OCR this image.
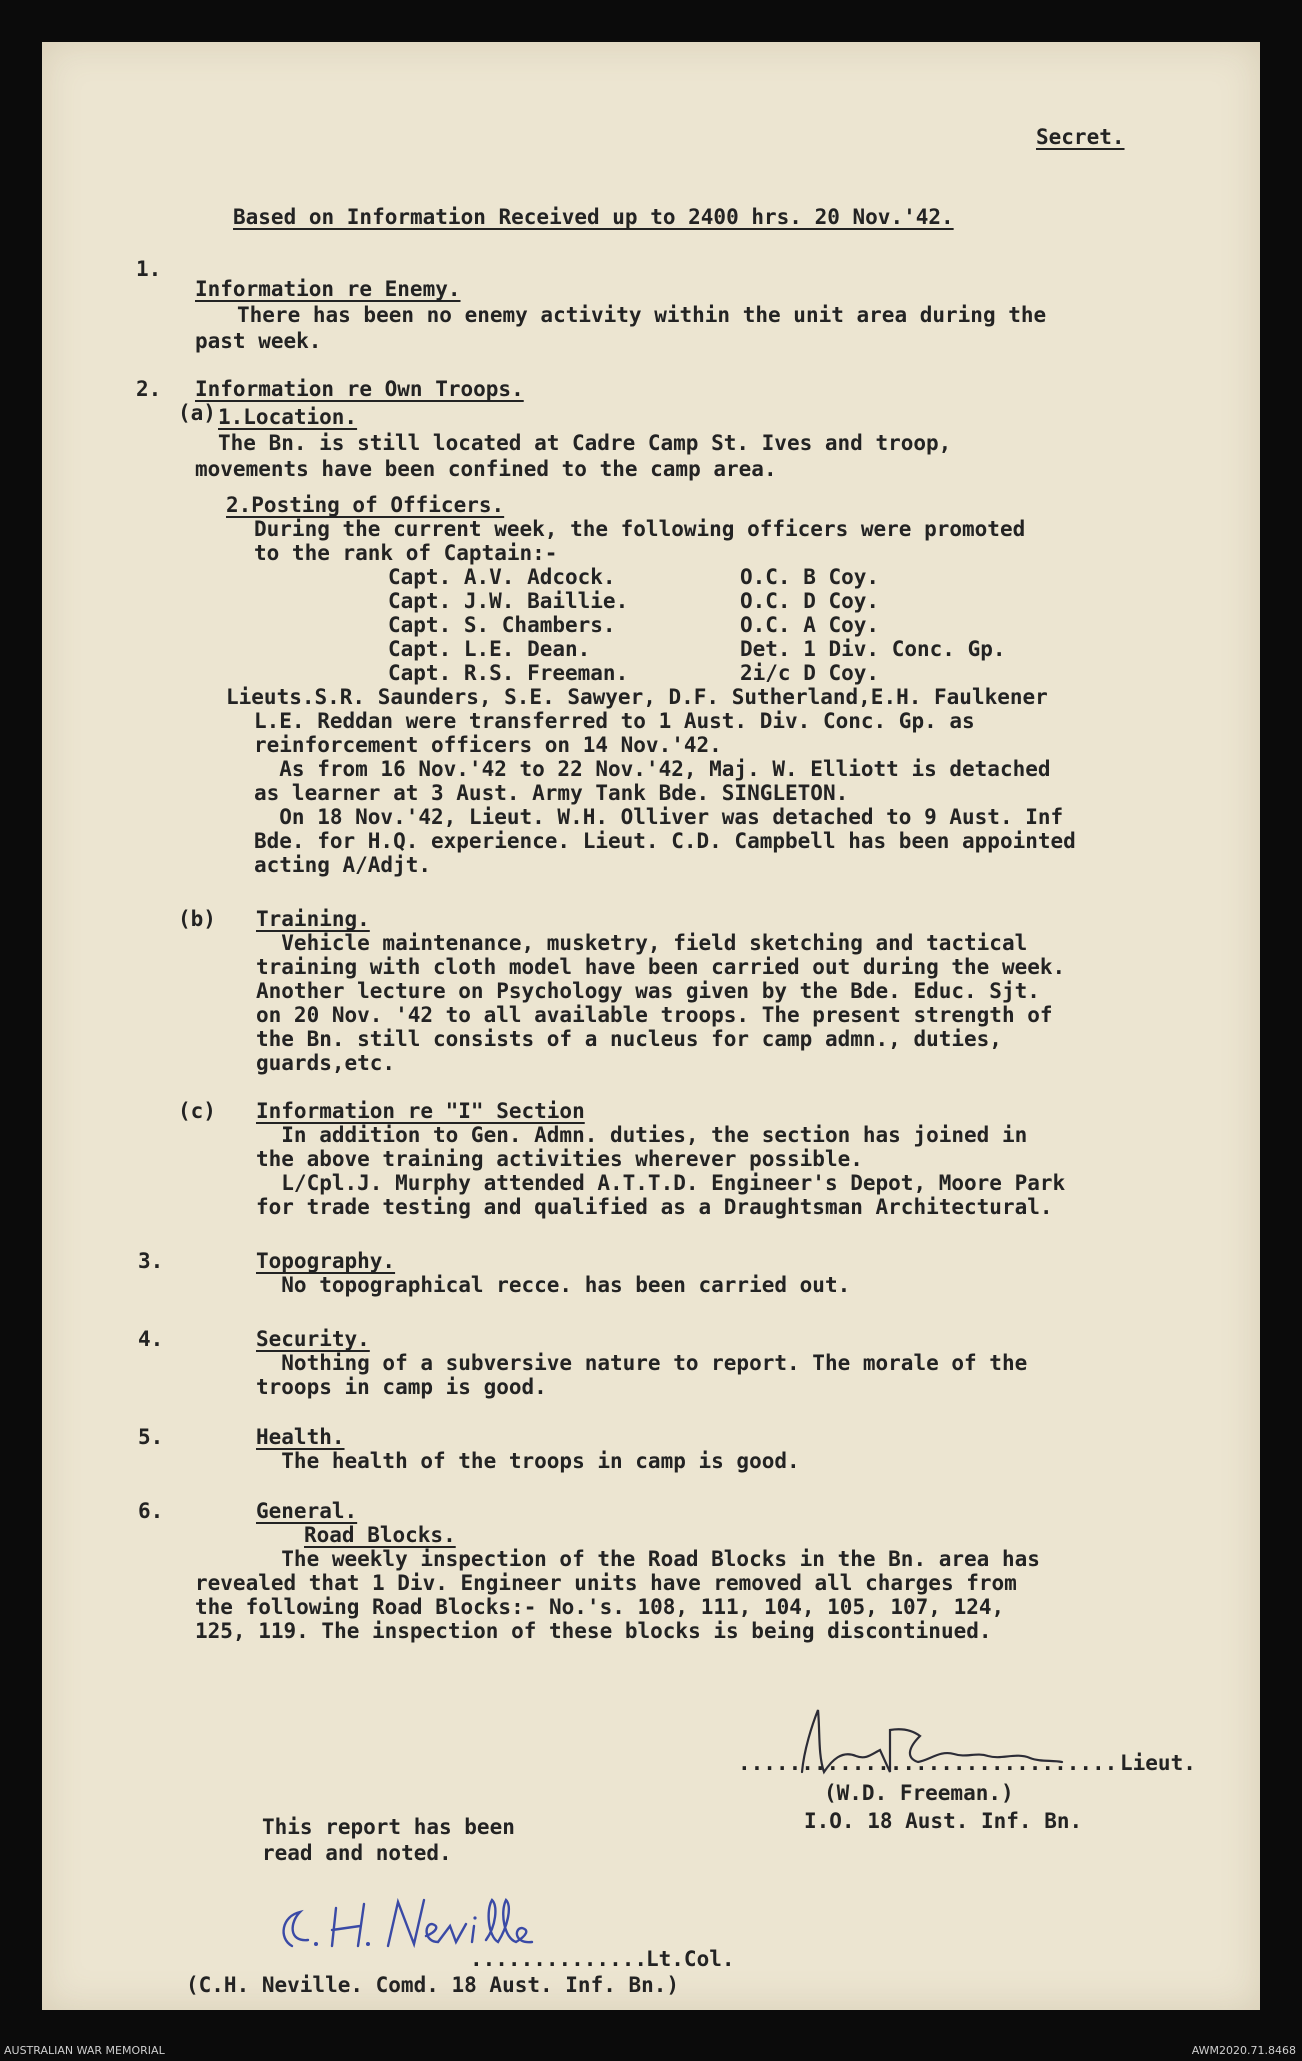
Secret.
Based on Information Received up to 2400 hrs. 20 Nov.'42.
1.
Information re Enemy.
There has been no enemy activity within the unit area during the
past week.
2. Information re Own Troops.
(a) 1.Location.
The Bn. is still located at Cadre Camp St. Ives and troop,
movements have been confined to the camp area.
2.Posting of Officers.
During the current week, the following officers were promoted
to the rank of Captain:-
Capt. A.V. Adcock.	O.C. B Coy.
Capt. J.W. Baillie.	O.C. D Coy.
Capt. S. Chambers.	O.C. A Coy.
Capt. L.E. Dean.	Det. 1 Div. Conc. Gp.
Capt. R.S. Freeman.	2i/c D Coy.
Lieuts.S.R. Saunders, S.E. Sawyer, D.F. Sutherland,E.H. Faulkener
L.E. Reddan were transferred to 1 Aust. Div. Conc. Gp. as
reinforcement officers on 14 Nov.'42.
As from 16 Nov.'42 to 22 Nov.'42, Maj. W. Elliott is detached
as learner at 3 Aust. Army Tank Bde. SINGLETON.
On 18 Nov.'42, Lieut. W.H. Olliver was detached to 9 Aust. Inf
Bde. for H.Q. experience. Lieut. C.D. Campbell has been appointed
acting A/Adjt.
(b) Training.
Vehicle maintenance, musketry, field sketching and tactical
training with cloth model have been carried out during the week.
Another lecture on Psychology was given by the Bde. Educ. Sjt.
on 20 Nov. '42 to all available troops. The present strength of
the Bn. still consists of a nucleus for camp admn., duties,
guards,etc.
(c) Information re "I" Section
In addition to Gen. Admn. duties, the section has joined in
the above training activities wherever possible.
L/Cpl.J. Murphy attended A.T.T.D. Engineer's Depot, Moore Park
for trade testing and qualified as a Draughtsman Architectural.
3.	Topography.
No topographical recce. has been carried out.
4.	Security.
Nothing of a subversive nature to report. The morale of the
troops in camp is good.
5.	Health.
The health of the troops in camp is good.
6.	General.
Road Blocks.
The weekly inspection of the Road Blocks in the Bn. area has
revealed that 1 Div. Engineer units have removed all charges from
the following Road Blocks:- No.'s. 108, 111, 104, 105, 107, 124,
125, 119. The inspection of these blocks is being discontinued.
.............................. Lieut.
(W.D. Freeman.)
I.O. 18 Aust. Inf. Bn.
This report has been
read and noted.
..............
Lt.Col.
(C.H. Neville. Comd. 18 Aust. Inf. Bn.)
AUSTRALIAN WAR MEMORIAL	AWM2020.71.8468
